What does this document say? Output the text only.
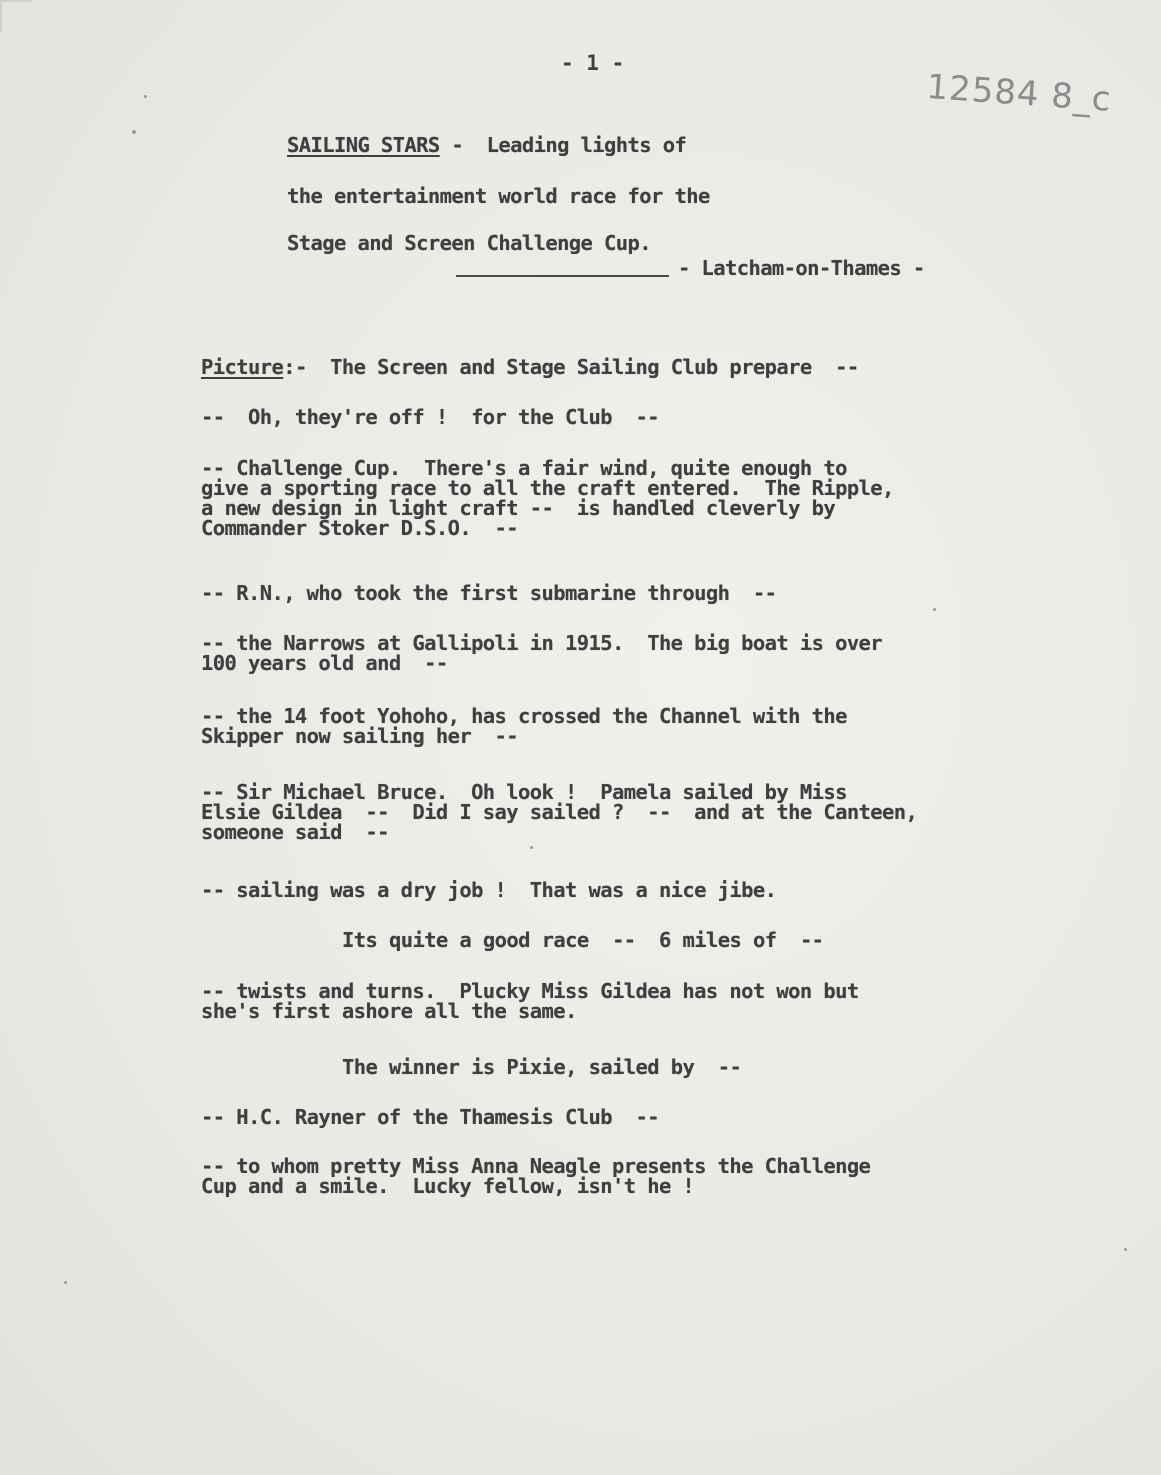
- 1 -
12584 8_c
SAILING STARS -  Leading lights of
the entertainment world race for the
Stage and Screen Challenge Cup.
- Latcham-on-Thames -
Picture:-  The Screen and Stage Sailing Club prepare  --
--  Oh, they're off !  for the Club  --
-- Challenge Cup.  There's a fair wind, quite enough to
give a sporting race to all the craft entered.  The Ripple,
a new design in light craft --  is handled cleverly by
Commander Stoker D.S.O.  --
-- R.N., who took the first submarine through  --
-- the Narrows at Gallipoli in 1915.  The big boat is over
100 years old and  --
-- the 14 foot Yohoho, has crossed the Channel with the
Skipper now sailing her  --
-- Sir Michael Bruce.  Oh look !  Pamela sailed by Miss
Elsie Gildea  --  Did I say sailed ?  --  and at the Canteen,
someone said  --
-- sailing was a dry job !  That was a nice jibe.
Its quite a good race  --  6 miles of  --
-- twists and turns.  Plucky Miss Gildea has not won but
she's first ashore all the same.
The winner is Pixie, sailed by  --
-- H.C. Rayner of the Thamesis Club  --
-- to whom pretty Miss Anna Neagle presents the Challenge
Cup and a smile.  Lucky fellow, isn't he !
